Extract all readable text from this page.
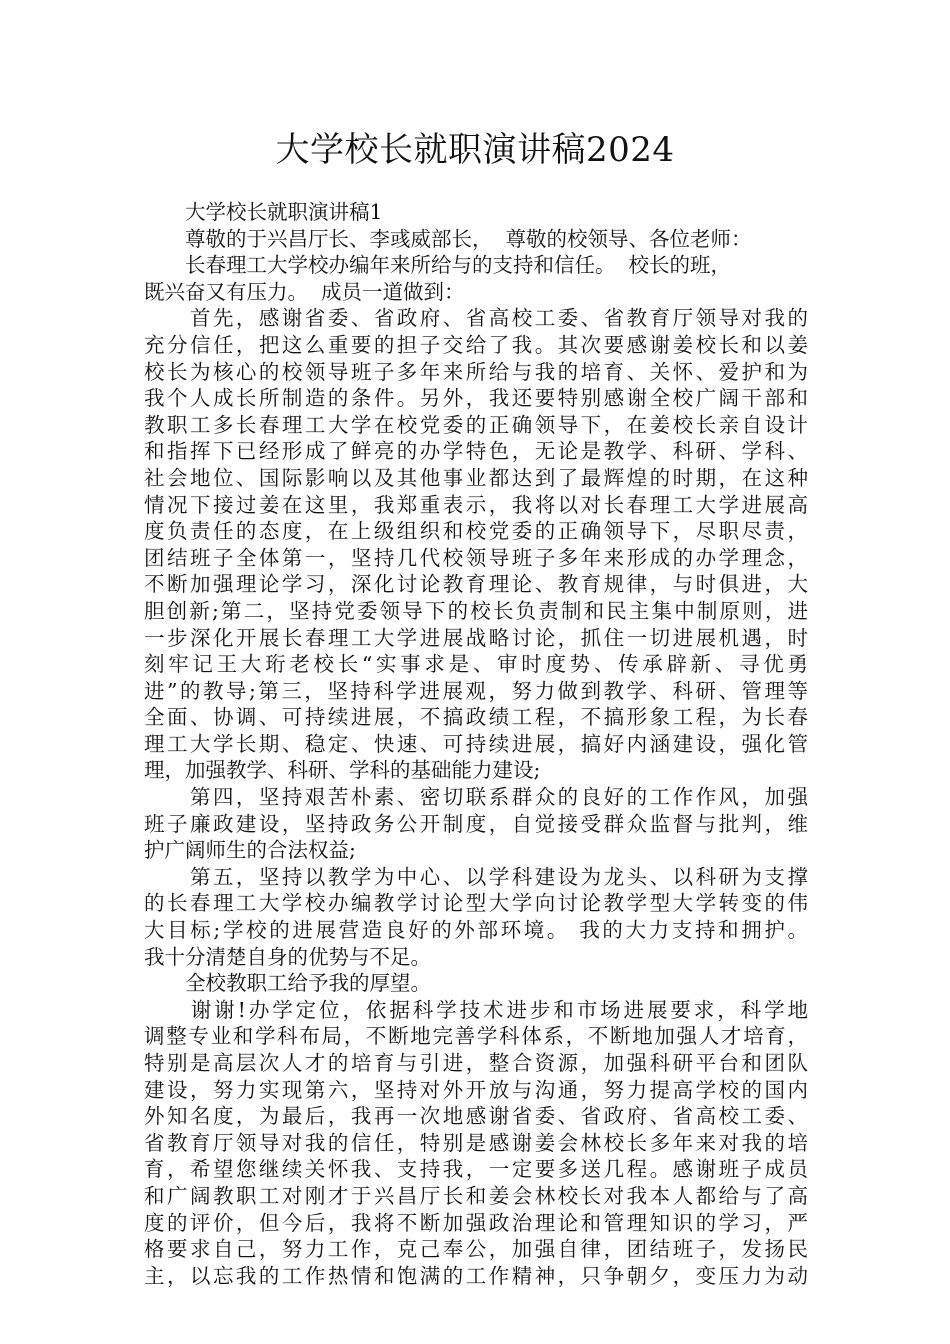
大学校长就职演讲稿2024
　　大学校长就职演讲稿1
　　尊敬的于兴昌厅长、李彧威部长，  尊敬的校领导、各位老师：
　　长春理工大学校办编年来所给与的支持和信任。  校长的班，
既兴奋又有压力。  成员一道做到：
　　首先，感谢省委、省政府、省高校工委、省教育厅领导对我的
充分信任，把这么重要的担子交给了我。其次要感谢姜校长和以姜
校长为核心的校领导班子多年来所给与我的培育、关怀、爱护和为
我个人成长所制造的条件。另外，我还要特别感谢全校广阔干部和
教职工多长春理工大学在校党委的正确领导下，在姜校长亲自设计
和指挥下已经形成了鲜亮的办学特色，无论是教学、科研、学科、
社会地位、国际影响以及其他事业都达到了最辉煌的时期，在这种
情况下接过姜在这里，我郑重表示，我将以对长春理工大学进展高
度负责任的态度，在上级组织和校党委的正确领导下，尽职尽责，
团结班子全体第一，坚持几代校领导班子多年来形成的办学理念，
不断加强理论学习，深化讨论教育理论、教育规律，与时俱进，大
胆创新;第二，坚持党委领导下的校长负责制和民主集中制原则，进
一步深化开展长春理工大学进展战略讨论，抓住一切进展机遇，时
刻牢记王大珩老校长“实事求是、审时度势、传承辟新、寻优勇
进”的教导;第三，坚持科学进展观，努力做到教学、科研、管理等
全面、协调、可持续进展，不搞政绩工程，不搞形象工程，为长春
理工大学长期、稳定、快速、可持续进展，搞好内涵建设，强化管
理，加强教学、科研、学科的基础能力建设;
　　第四，坚持艰苦朴素、密切联系群众的良好的工作作风，加强
班子廉政建设，坚持政务公开制度，自觉接受群众监督与批判，维
护广阔师生的合法权益;
　　第五，坚持以教学为中心、以学科建设为龙头、以科研为支撑
的长春理工大学校办编教学讨论型大学向讨论教学型大学转变的伟
大目标;学校的进展营造良好的外部环境。 我的大力支持和拥护。
我十分清楚自身的优势与不足。
　　全校教职工给予我的厚望。
　　谢谢!办学定位，依据科学技术进步和市场进展要求，科学地
调整专业和学科布局，不断地完善学科体系，不断地加强人才培育，
特别是高层次人才的培育与引进，整合资源，加强科研平台和团队
建设，努力实现第六，坚持对外开放与沟通，努力提高学校的国内
外知名度，为最后，我再一次地感谢省委、省政府、省高校工委、
省教育厅领导对我的信任，特别是感谢姜会林校长多年来对我的培
育，希望您继续关怀我、支持我，一定要多送几程。感谢班子成员
和广阔教职工对刚才于兴昌厅长和姜会林校长对我本人都给与了高
度的评价，但今后，我将不断加强政治理论和管理知识的学习，严
格要求自己，努力工作，克己奉公，加强自律，团结班子，发扬民
主，以忘我的工作热情和饱满的工作精神，只争朝夕，变压力为动
